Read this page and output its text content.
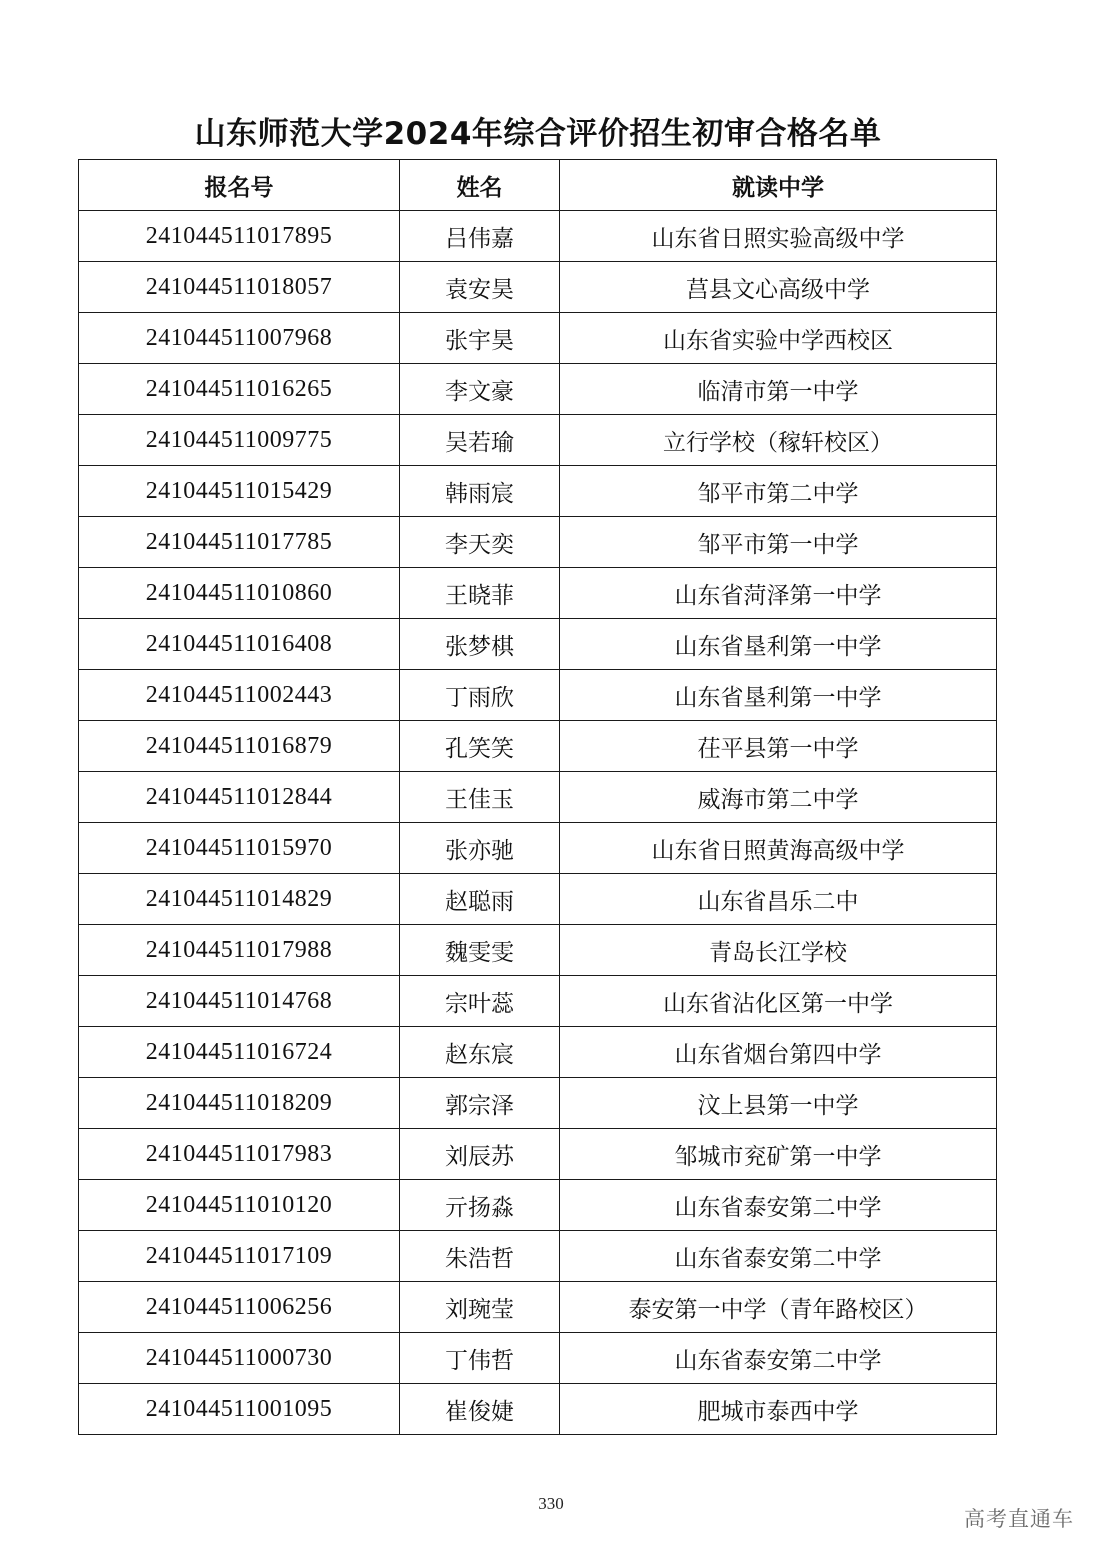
山东师范大学2024年综合评价招生初审合格名单
报名号	姓名	就读中学
241044511017895	吕伟嘉	山东省日照实验高级中学
241044511018057	袁安昊	莒县文心高级中学
241044511007968	张宇昊	山东省实验中学西校区
241044511016265	李文豪	临清市第一中学
241044511009775	吴若瑜	立行学校（稼轩校区）
241044511015429	韩雨宸	邹平市第二中学
241044511017785	李天奕	邹平市第一中学
241044511010860	王晓菲	山东省菏泽第一中学
241044511016408	张梦棋	山东省垦利第一中学
241044511002443	丁雨欣	山东省垦利第一中学
241044511016879	孔笑笑	茌平县第一中学
241044511012844	王佳玉	威海市第二中学
241044511015970	张亦驰	山东省日照黄海高级中学
241044511014829	赵聪雨	山东省昌乐二中
241044511017988	魏雯雯	青岛长江学校
241044511014768	宗叶蕊	山东省沾化区第一中学
241044511016724	赵东宸	山东省烟台第四中学
241044511018209	郭宗泽	汶上县第一中学
241044511017983	刘辰苏	邹城市兖矿第一中学
241044511010120	亓扬淼	山东省泰安第二中学
241044511017109	朱浩哲	山东省泰安第二中学
241044511006256	刘琬莹	泰安第一中学（青年路校区）
241044511000730	丁伟哲	山东省泰安第二中学
241044511001095	崔俊婕	肥城市泰西中学
330
高考直通车
